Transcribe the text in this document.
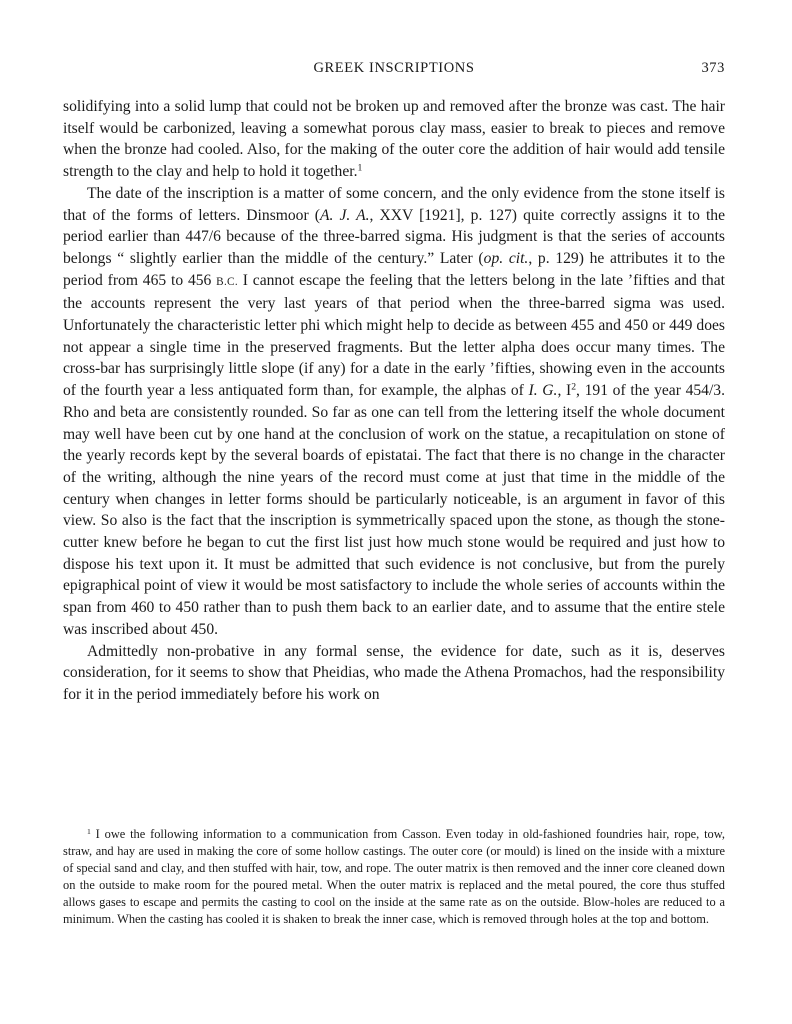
GREEK INSCRIPTIONS	373

solidifying into a solid lump that could not be broken up and removed after the bronze was cast. The hair itself would be carbonized, leaving a somewhat porous clay mass, easier to break to pieces and remove when the bronze had cooled. Also, for the making of the outer core the addition of hair would add tensile strength to the clay and help to hold it together.$^1$

The date of the inscription is a matter of some concern, and the only evidence from the stone itself is that of the forms of letters. Dinsmoor (A. J. A., XXV [1921], p. 127) quite correctly assigns it to the period earlier than 447/6 because of the three-barred sigma. His judgment is that the series of accounts belongs “ slightly earlier than the middle of the century.” Later (op. cit., p. 129) he attributes it to the period from 465 to 456 B.C. I cannot escape the feeling that the letters belong in the late ’fifties and that the accounts represent the very last years of that period when the three-barred sigma was used. Unfortunately the characteristic letter phi which might help to decide as between 455 and 450 or 449 does not appear a single time in the preserved fragments. But the letter alpha does occur many times. The cross-bar has surprisingly little slope (if any) for a date in the early ’fifties, showing even in the accounts of the fourth year a less antiquated form than, for example, the alphas of I. G., $I^2$, 191 of the year 454/3. Rho and beta are consistently rounded. So far as one can tell from the lettering itself the whole document may well have been cut by one hand at the conclusion of work on the statue, a recapitulation on stone of the yearly records kept by the several boards of epistatai. The fact that there is no change in the character of the writing, although the nine years of the record must come at just that time in the middle of the century when changes in letter forms should be particularly noticeable, is an argument in favor of this view. So also is the fact that the inscription is symmetrically spaced upon the stone, as though the stone-cutter knew before he began to cut the first list just how much stone would be required and just how to dispose his text upon it. It must be admitted that such evidence is not conclusive, but from the purely epigraphical point of view it would be most satisfactory to include the whole series of accounts within the span from 460 to 450 rather than to push them back to an earlier date, and to assume that the entire stele was inscribed about 450.

Admittedly non-probative in any formal sense, the evidence for date, such as it is, deserves consideration, for it seems to show that Pheidias, who made the Athena Promachos, had the responsibility for it in the period immediately before his work on

$^1$ I owe the following information to a communication from Casson. Even today in old-fashioned foundries hair, rope, tow, straw, and hay are used in making the core of some hollow castings. The outer core (or mould) is lined on the inside with a mixture of special sand and clay, and then stuffed with hair, tow, and rope. The outer matrix is then removed and the inner core cleaned down on the outside to make room for the poured metal. When the outer matrix is replaced and the metal poured, the core thus stuffed allows gases to escape and permits the casting to cool on the inside at the same rate as on the outside. Blow-holes are reduced to a minimum. When the casting has cooled it is shaken to break the inner case, which is removed through holes at the top and bottom.
